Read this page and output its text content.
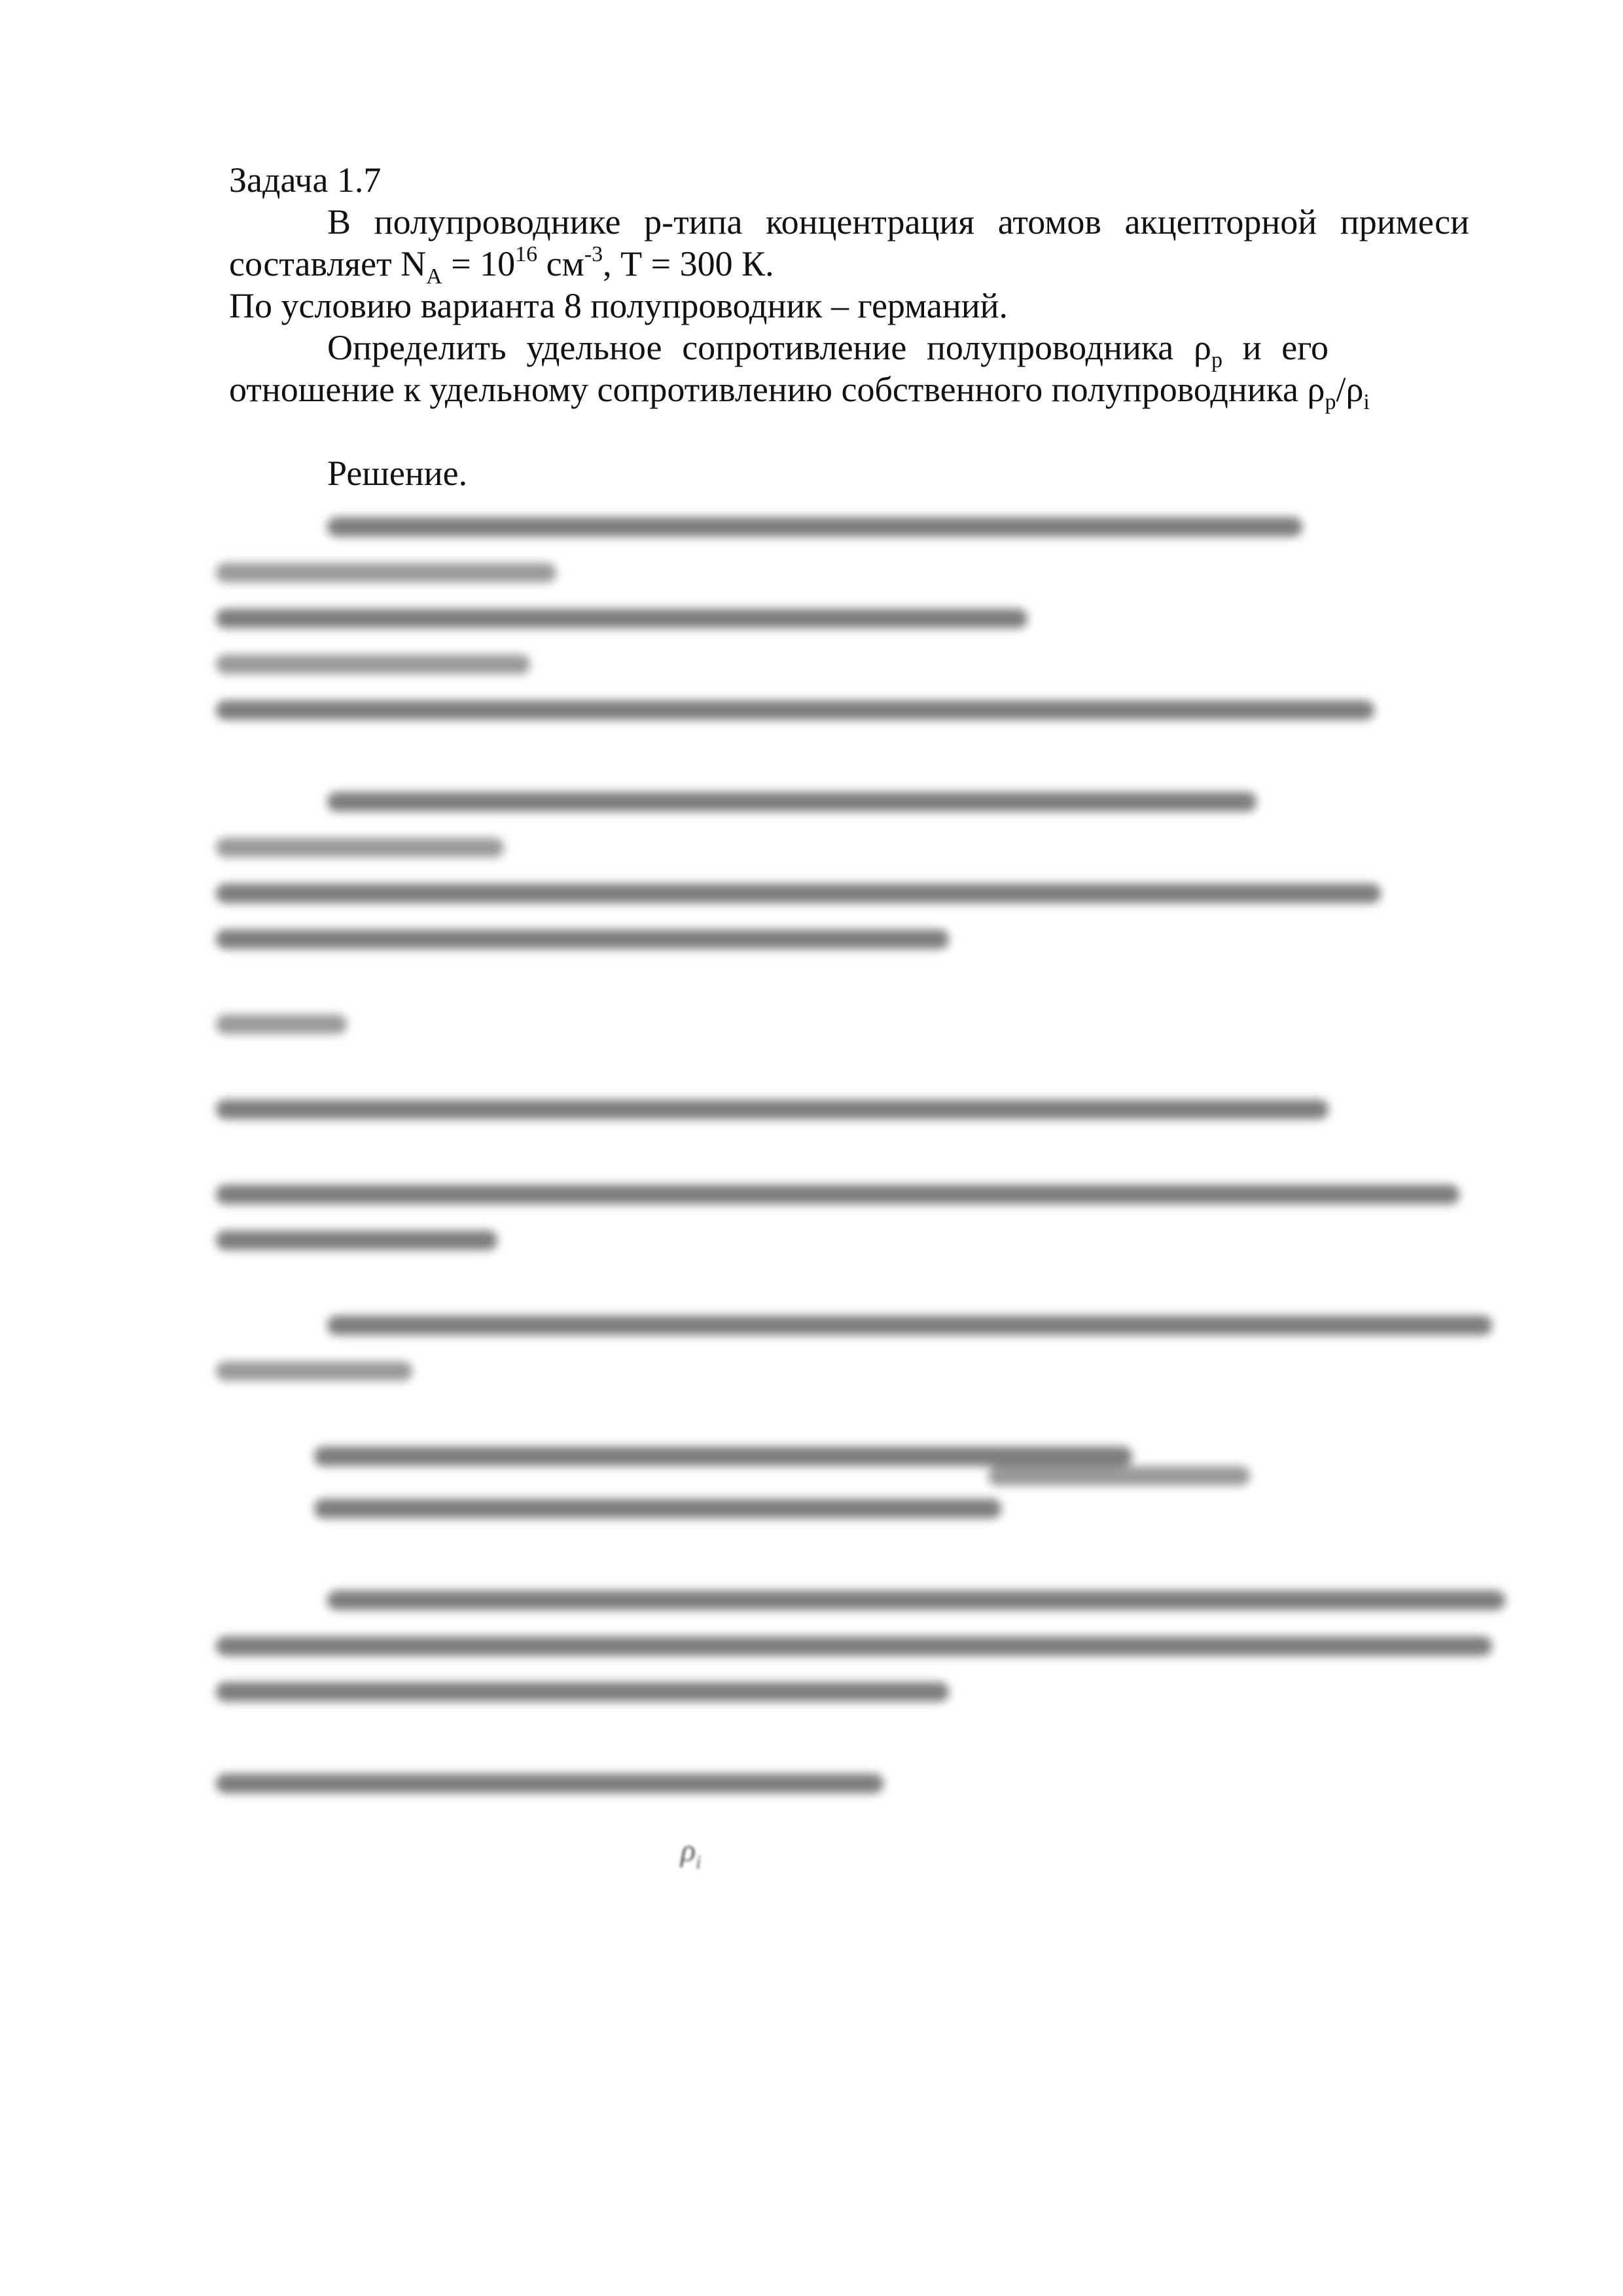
Задача 1.7
В полупроводнике p-типа концентрация атомов акцепторной примеси
составляет $N_A = 10^{16}$ $см^{-3}$, Т = 300 К.
По условию варианта 8 полупроводник – германий.
Определить удельное сопротивление полупроводника $\rho_p$ и его
отношение к удельному сопротивлению собственного полупроводника $\rho_p/\rho_i$
Решение.
$\rho_i$
